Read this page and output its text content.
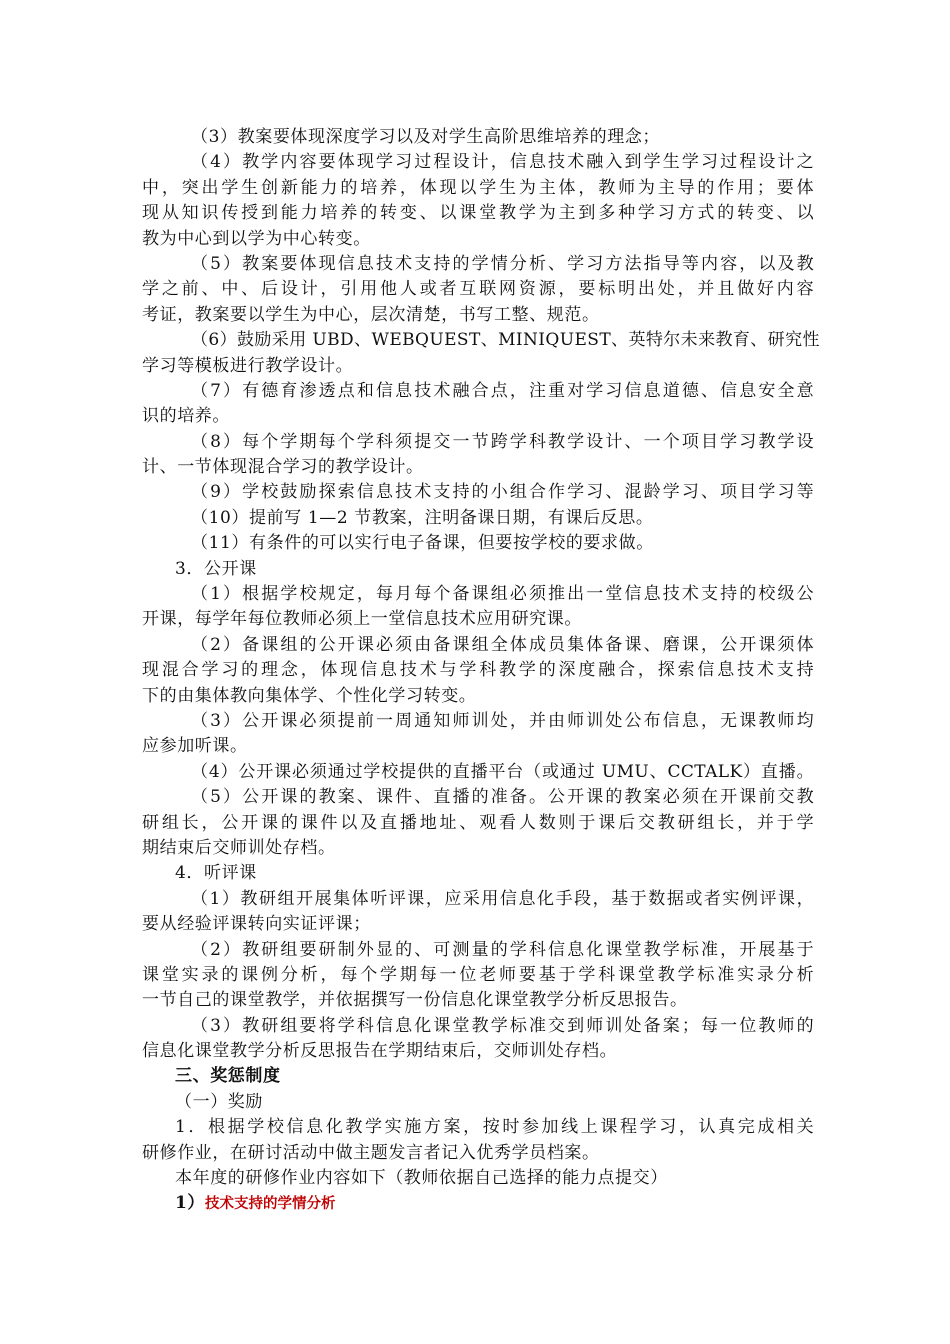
（3）教案要体现深度学习以及对学生高阶思维培养的理念；
（4）教学内容要体现学习过程设计，信息技术融入到学生学习过程设计之
中，突出学生创新能力的培养，体现以学生为主体，教师为主导的作用；要体
现从知识传授到能力培养的转变、以课堂教学为主到多种学习方式的转变、以
教为中心到以学为中心转变。
（5）教案要体现信息技术支持的学情分析、学习方法指导等内容，以及教
学之前、中、后设计，引用他人或者互联网资源，要标明出处，并且做好内容
考证，教案要以学生为中心，层次清楚，书写工整、规范。
（6）鼓励采用 UBD、WEBQUEST、MINIQUEST、英特尔未来教育、研究性
学习等模板进行教学设计。
（7）有德育渗透点和信息技术融合点，注重对学习信息道德、信息安全意
识的培养。
（8）每个学期每个学科须提交一节跨学科教学设计、一个项目学习教学设
计、一节体现混合学习的教学设计。
（9）学校鼓励探索信息技术支持的小组合作学习、混龄学习、项目学习等
（10）提前写 1—2 节教案，注明备课日期，有课后反思。
（11）有条件的可以实行电子备课，但要按学校的要求做。
3．公开课
（1）根据学校规定，每月每个备课组必须推出一堂信息技术支持的校级公
开课，每学年每位教师必须上一堂信息技术应用研究课。
（2）备课组的公开课必须由备课组全体成员集体备课、磨课，公开课须体
现混合学习的理念，体现信息技术与学科教学的深度融合，探索信息技术支持
下的由集体教向集体学、个性化学习转变。
（3）公开课必须提前一周通知师训处，并由师训处公布信息，无课教师均
应参加听课。
（4）公开课必须通过学校提供的直播平台（或通过 UMU、CCTALK）直播。
（5）公开课的教案、课件、直播的准备。公开课的教案必须在开课前交教
研组长，公开课的课件以及直播地址、观看人数则于课后交教研组长，并于学
期结束后交师训处存档。
4．听评课
（1）教研组开展集体听评课，应采用信息化手段，基于数据或者实例评课，
要从经验评课转向实证评课；
（2）教研组要研制外显的、可测量的学科信息化课堂教学标准，开展基于
课堂实录的课例分析，每个学期每一位老师要基于学科课堂教学标准实录分析
一节自己的课堂教学，并依据撰写一份信息化课堂教学分析反思报告。
（3）教研组要将学科信息化课堂教学标准交到师训处备案；每一位教师的
信息化课堂教学分析反思报告在学期结束后，交师训处存档。
三、奖惩制度
（一）奖励
1．根据学校信息化教学实施方案，按时参加线上课程学习，认真完成相关
研修作业，在研讨活动中做主题发言者记入优秀学员档案。
本年度的研修作业内容如下（教师依据自己选择的能力点提交）
1）技术支持的学情分析
